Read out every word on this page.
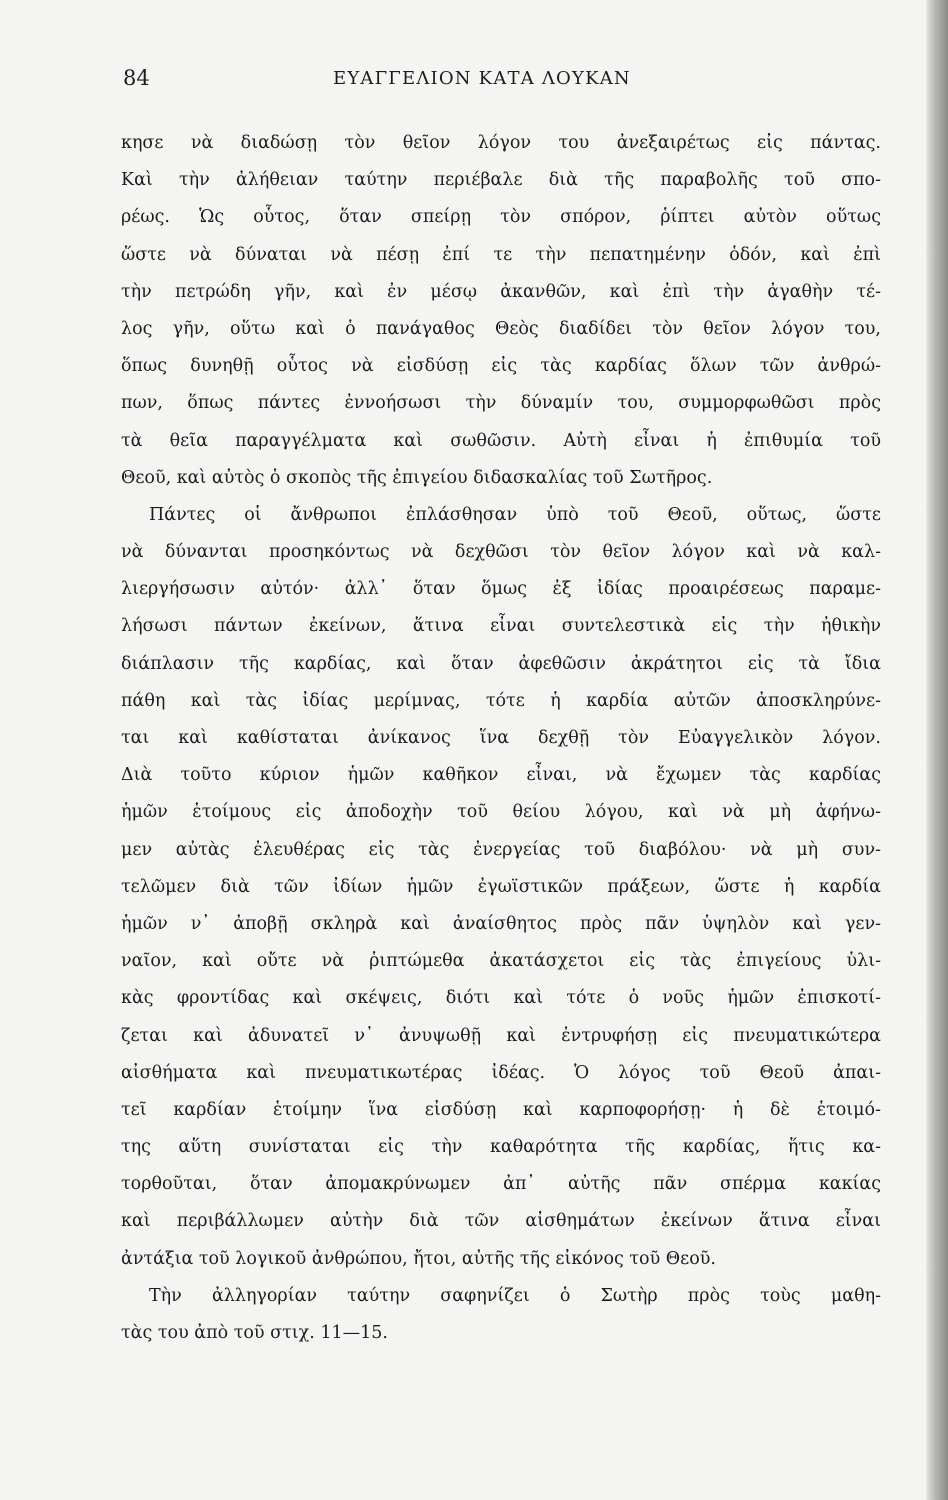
84	ΕΥΑΓΓΕΛΙΟΝ ΚΑΤΑ ΛΟΥΚΑΝ
κησε νὰ διαδώσῃ τὸν θεῖον λόγον του ἀνεξαιρέτως εἰς πάντας.
Καὶ τὴν ἀλήθειαν ταύτην περιέβαλε διὰ τῆς παραβολῆς τοῦ σπο-
ρέως. Ὡς οὗτος, ὅταν σπείρῃ τὸν σπόρον, ῥίπτει αὐτὸν οὕτως
ὥστε νὰ δύναται νὰ πέσῃ ἐπί τε τὴν πεπατημένην ὁδόν, καὶ ἐπὶ
τὴν πετρώδη γῆν, καὶ ἐν μέσῳ ἀκανθῶν, καὶ ἐπὶ τὴν ἀγαθὴν τέ-
λος γῆν, οὕτω καὶ ὁ πανάγαθος Θεὸς διαδίδει τὸν θεῖον λόγον του,
ὅπως δυνηθῇ οὗτος νὰ εἰσδύσῃ εἰς τὰς καρδίας ὅλων τῶν ἀνθρώ-
πων, ὅπως πάντες ἐννοήσωσι τὴν δύναμίν του, συμμορφωθῶσι πρὸς
τὰ θεῖα παραγγέλματα καὶ σωθῶσιν. Αὐτὴ εἶναι ἡ ἐπιθυμία τοῦ
Θεοῦ, καὶ αὐτὸς ὁ σκοπὸς τῆς ἐπιγείου διδασκαλίας τοῦ Σωτῆρος.
Πάντες οἱ ἄνθρωποι ἐπλάσθησαν ὑπὸ τοῦ Θεοῦ, οὕτως, ὥστε
νὰ δύνανται προσηκόντως νὰ δεχθῶσι τὸν θεῖον λόγον καὶ νὰ καλ-
λιεργήσωσιν αὐτόν· ἀλλ᾽ ὅταν ὅμως ἐξ ἰδίας προαιρέσεως παραμε-
λήσωσι πάντων ἐκείνων, ἅτινα εἶναι συντελεστικὰ εἰς τὴν ἠθικὴν
διάπλασιν τῆς καρδίας, καὶ ὅταν ἀφεθῶσιν ἀκράτητοι εἰς τὰ ἴδια
πάθη καὶ τὰς ἰδίας μερίμνας, τότε ἡ καρδία αὐτῶν ἀποσκληρύνε-
ται καὶ καθίσταται ἀνίκανος ἵνα δεχθῇ τὸν Εὐαγγελικὸν λόγον.
Διὰ τοῦτο κύριον ἡμῶν καθῆκον εἶναι, νὰ ἔχωμεν τὰς καρδίας
ἡμῶν ἑτοίμους εἰς ἀποδοχὴν τοῦ θείου λόγου, καὶ νὰ μὴ ἀφήνω-
μεν αὐτὰς ἐλευθέρας εἰς τὰς ἐνεργείας τοῦ διαβόλου· νὰ μὴ συν-
τελῶμεν διὰ τῶν ἰδίων ἡμῶν ἐγωϊστικῶν πράξεων, ὥστε ἡ καρδία
ἡμῶν ν᾽ ἀποβῇ σκληρὰ καὶ ἀναίσθητος πρὸς πᾶν ὑψηλὸν καὶ γεν-
ναῖον, καὶ οὔτε νὰ ῥιπτώμεθα ἀκατάσχετοι εἰς τὰς ἐπιγείους ὑλι-
κὰς φροντίδας καὶ σκέψεις, διότι καὶ τότε ὁ νοῦς ἡμῶν ἐπισκοτί-
ζεται καὶ ἀδυνατεῖ ν᾽ ἀνυψωθῇ καὶ ἐντρυφήσῃ εἰς πνευματικώτερα
αἰσθήματα καὶ πνευματικωτέρας ἰδέας. Ὁ λόγος τοῦ Θεοῦ ἀπαι-
τεῖ καρδίαν ἑτοίμην ἵνα εἰσδύσῃ καὶ καρποφορήσῃ· ἡ δὲ ἑτοιμό-
της αὕτη συνίσταται εἰς τὴν καθαρότητα τῆς καρδίας, ἥτις κα-
τορθοῦται, ὅταν ἀπομακρύνωμεν ἀπ᾽ αὐτῆς πᾶν σπέρμα κακίας
καὶ περιβάλλωμεν αὐτὴν διὰ τῶν αἰσθημάτων ἐκείνων ἅτινα εἶναι
ἀντάξια τοῦ λογικοῦ ἀνθρώπου, ἤτοι, αὐτῆς τῆς εἰκόνος τοῦ Θεοῦ.
Τὴν ἀλληγορίαν ταύτην σαφηνίζει ὁ Σωτὴρ πρὸς τοὺς μαθη-
τὰς του ἀπὸ τοῦ στιχ. 11—15.
